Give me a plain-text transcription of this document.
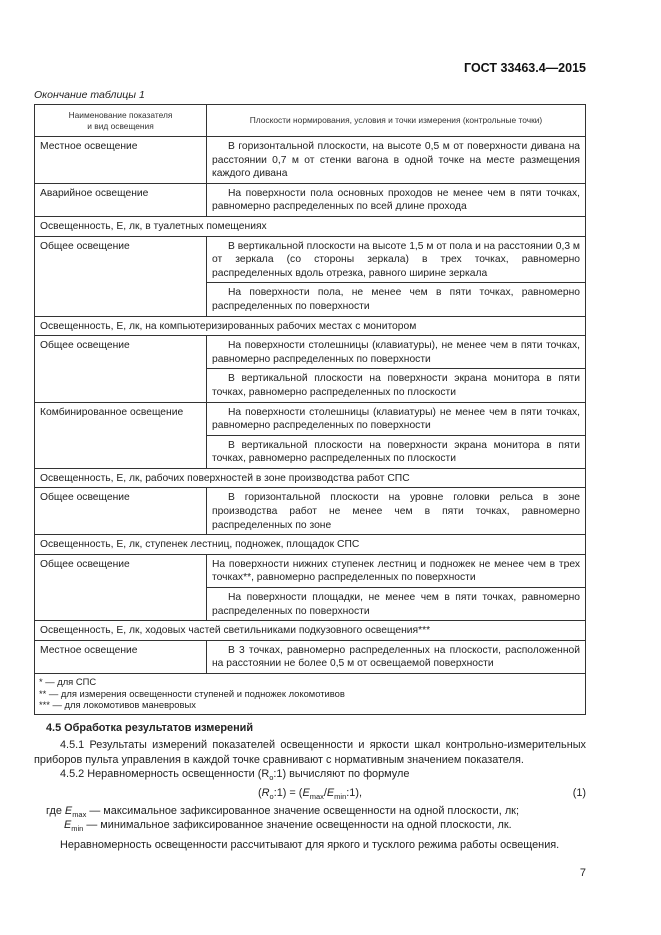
ГОСТ 33463.4—2015
Окончание таблицы 1
Наименование показателя
и вид освещения	Плоскости нормирования, условия и точки измерения (контрольные точки)
Местное освещение	В горизонтальной плоскости, на высоте 0,5 м от поверхности дивана на расстоянии 0,7 м от стенки вагона в одной точке на месте размещения каждого дивана
Аварийное освещение	На поверхности пола основных проходов не менее чем в пяти точках, равномерно распределенных по всей длине прохода
Освещенность, Е, лк, в туалетных помещениях	
Общее освещение	В вертикальной плоскости на высоте 1,5 м от пола и на расстоянии 0,3 м от зеркала (со стороны зеркала) в трех точках, равномерно распределенных вдоль отрезка, равного ширине зеркала
	На поверхности пола, не менее чем в пяти точках, равномерно распределенных по поверхности
Освещенность, Е, лк, на компьютеризированных рабочих местах с монитором	
Общее освещение	На поверхности столешницы (клавиатуры), не менее чем в пяти точках, равномерно распределенных по поверхности
	В вертикальной плоскости на поверхности экрана монитора в пяти точках, равномерно распределенных по плоскости
Комбинированное освещение	На поверхности столешницы (клавиатуры) не менее чем в пяти точках, равномерно распределенных по поверхности
	В вертикальной плоскости на поверхности экрана монитора в пяти точках, равномерно распределенных по плоскости
Освещенность, Е, лк, рабочих поверхностей в зоне производства работ СПС	
Общее освещение	В горизонтальной плоскости на уровне головки рельса в зоне производства работ не менее чем в пяти точках, равномерно распределенных по зоне
Освещенность, Е, лк, ступенек лестниц, подножек, площадок СПС	
Общее освещение	На поверхности нижних ступенек лестниц и подножек не менее чем в трех точках**, равномерно распределенных по поверхности
	На поверхности площадки, не менее чем в пяти точках, равномерно распределенных по поверхности
Освещенность, Е, лк, ходовых частей светильниками подкузовного освещения***	
Местное освещение	В 3 точках, равномерно распределенных на плоскости, расположенной на расстоянии не более 0,5 м от освещаемой поверхности

* — для СПС
** — для измерения освещенности ступеней и подножек локомотивов
*** — для локомотивов маневровых	
4.5 Обработка результатов измерений
4.5.1 Результаты измерений показателей освещенности и яркости шкал контрольно-измерительных приборов пульта управления в каждой точке сравнивают с нормативным значением показателя.
4.5.2 Неравномерность освещенности $(R_o:1)$ вычисляют по формуле
$(R_o:1)$ = $(E_{max}/E_{min}:1)$,	(1)
где $E_{max}$ — максимальное зафиксированное значение освещенности на одной плоскости, лк;
$E_{min}$ — минимальное зафиксированное значение освещенности на одной плоскости, лк.
Неравномерность освещенности рассчитывают для яркого и тусклого режима работы освещения.
7
